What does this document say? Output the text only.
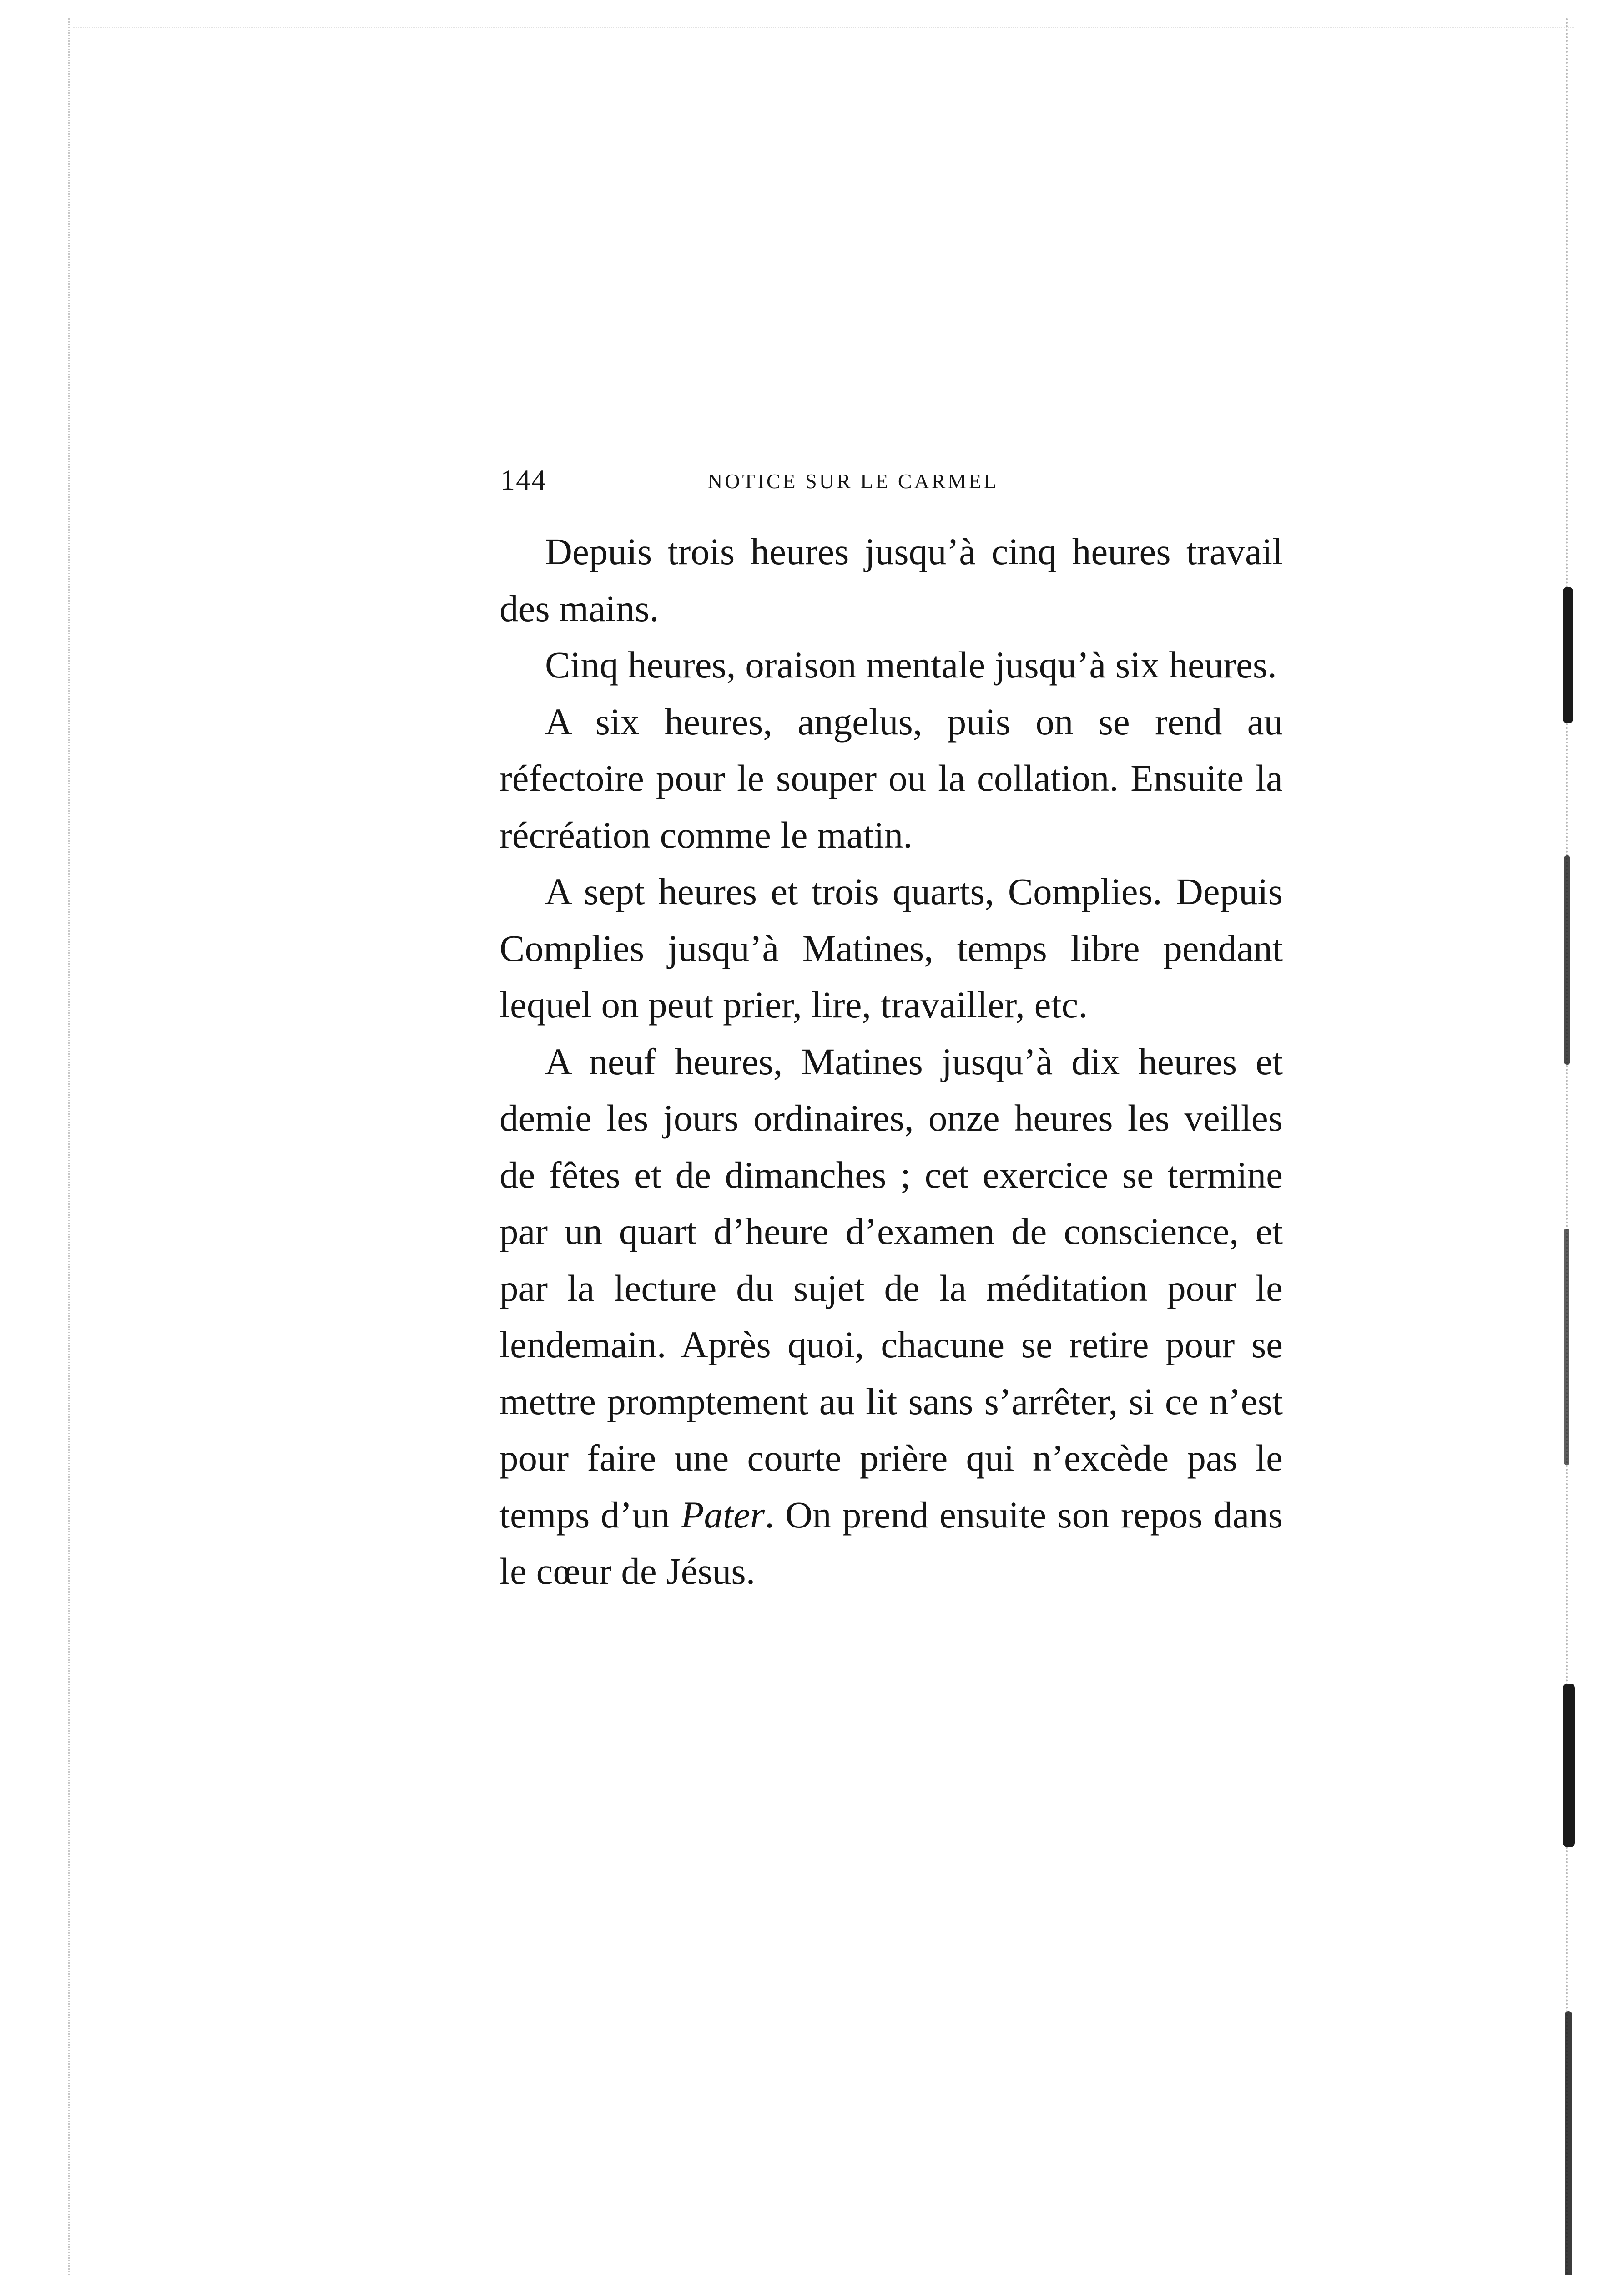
144	NOTICE SUR LE CARMEL

Depuis trois heures jusqu’à cinq heures travail des mains.

Cinq heures, oraison mentale jusqu’à six heures.

A six heures, angelus, puis on se rend au réfectoire pour le souper ou la collation. Ensuite la récréation comme le matin.

A sept heures et trois quarts, Complies. Depuis Complies jusqu’à Matines, temps libre pendant lequel on peut prier, lire, travailler, etc.

A neuf heures, Matines jusqu’à dix heures et demie les jours ordinaires, onze heures les veilles de fêtes et de dimanches ; cet exercice se termine par un quart d’heure d’examen de conscience, et par la lecture du sujet de la méditation pour le lendemain. Après quoi, chacune se retire pour se mettre promptement au lit sans s’arrêter, si ce n’est pour faire une courte prière qui n’excède pas le temps d’un Pater. On prend ensuite son repos dans le cœur de Jésus.
